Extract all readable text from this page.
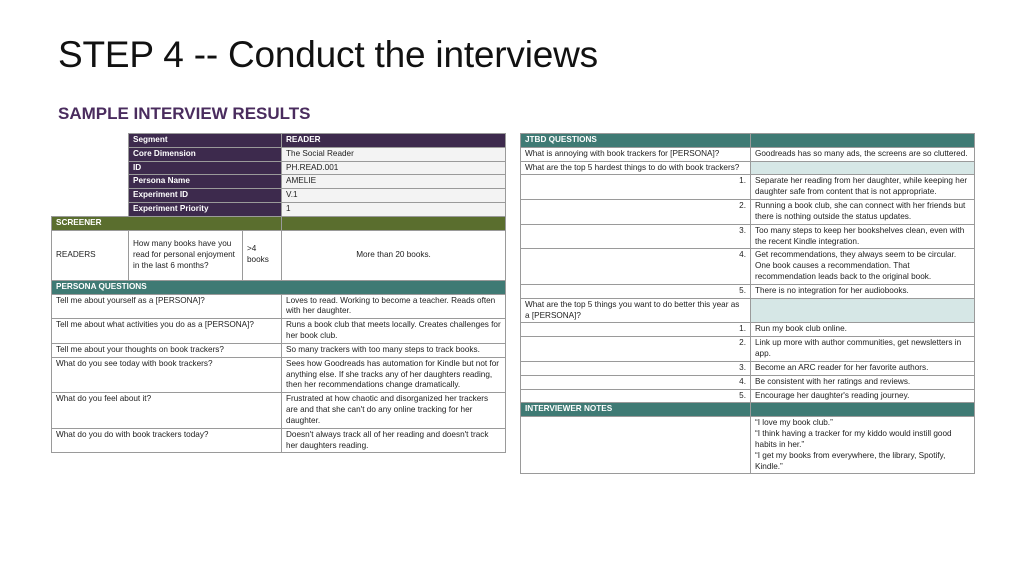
STEP 4 -- Conduct the interviews
SAMPLE INTERVIEW RESULTS
	Segment		READER
	Core Dimension		The Social Reader
	ID		PH.READ.001
	Persona Name		AMELIE
	Experiment ID		V.1
	Experiment Priority		1
SCREENER			
READERS	How many books have you read for personal enjoyment in the last 6 months?	>4 books	More than 20 books.
PERSONA QUESTIONS			
Tell me about yourself as a [PERSONA]?			Loves to read. Working to become a teacher. Reads often with her daughter.
Tell me about what activities you do as a [PERSONA]?			Runs a book club that meets locally. Creates challenges for her book club.
Tell me about your thoughts on book trackers?			So many trackers with too many steps to track books.
What do you see today with book trackers?			Sees how Goodreads has automation for Kindle but not for anything else. If she tracks any of her daughters reading, then her recommendations change dramatically.
What do you feel about it?			Frustrated at how chaotic and disorganized her trackers are and that she can't do any online tracking for her daughter.
What do you do with book trackers today?			Doesn't always track all of her reading and doesn't track her daughters reading.
JTBD QUESTIONS	
What is annoying with book trackers for [PERSONA]?	Goodreads has so many ads, the screens are so cluttered.
What are the top 5 hardest things to do with book trackers?	
1.	Separate her reading from her daughter, while keeping her daughter safe from content that is not appropriate.
2.	Running a book club, she can connect with her friends but there is nothing outside the status updates.
3.	Too many steps to keep her bookshelves clean, even with the recent Kindle integration.
4.	Get recommendations, they always seem to be circular. One book causes a recommendation. That recommendation leads back to the original book.
5.	There is no integration for her audiobooks.
What are the top 5 things you want to do better this year as a [PERSONA]?	
1.	Run my book club online.
2.	Link up more with author communities, get newsletters in app.
3.	Become an ARC reader for her favorite authors.
4.	Be consistent with her ratings and reviews.
5.	Encourage her daughter's reading journey.
INTERVIEWER NOTES	

	“I love my book club.”
“I think having a tracker for my kiddo would instill good habits in her.”
“I get my books from everywhere, the library, Spotify, Kindle.”
